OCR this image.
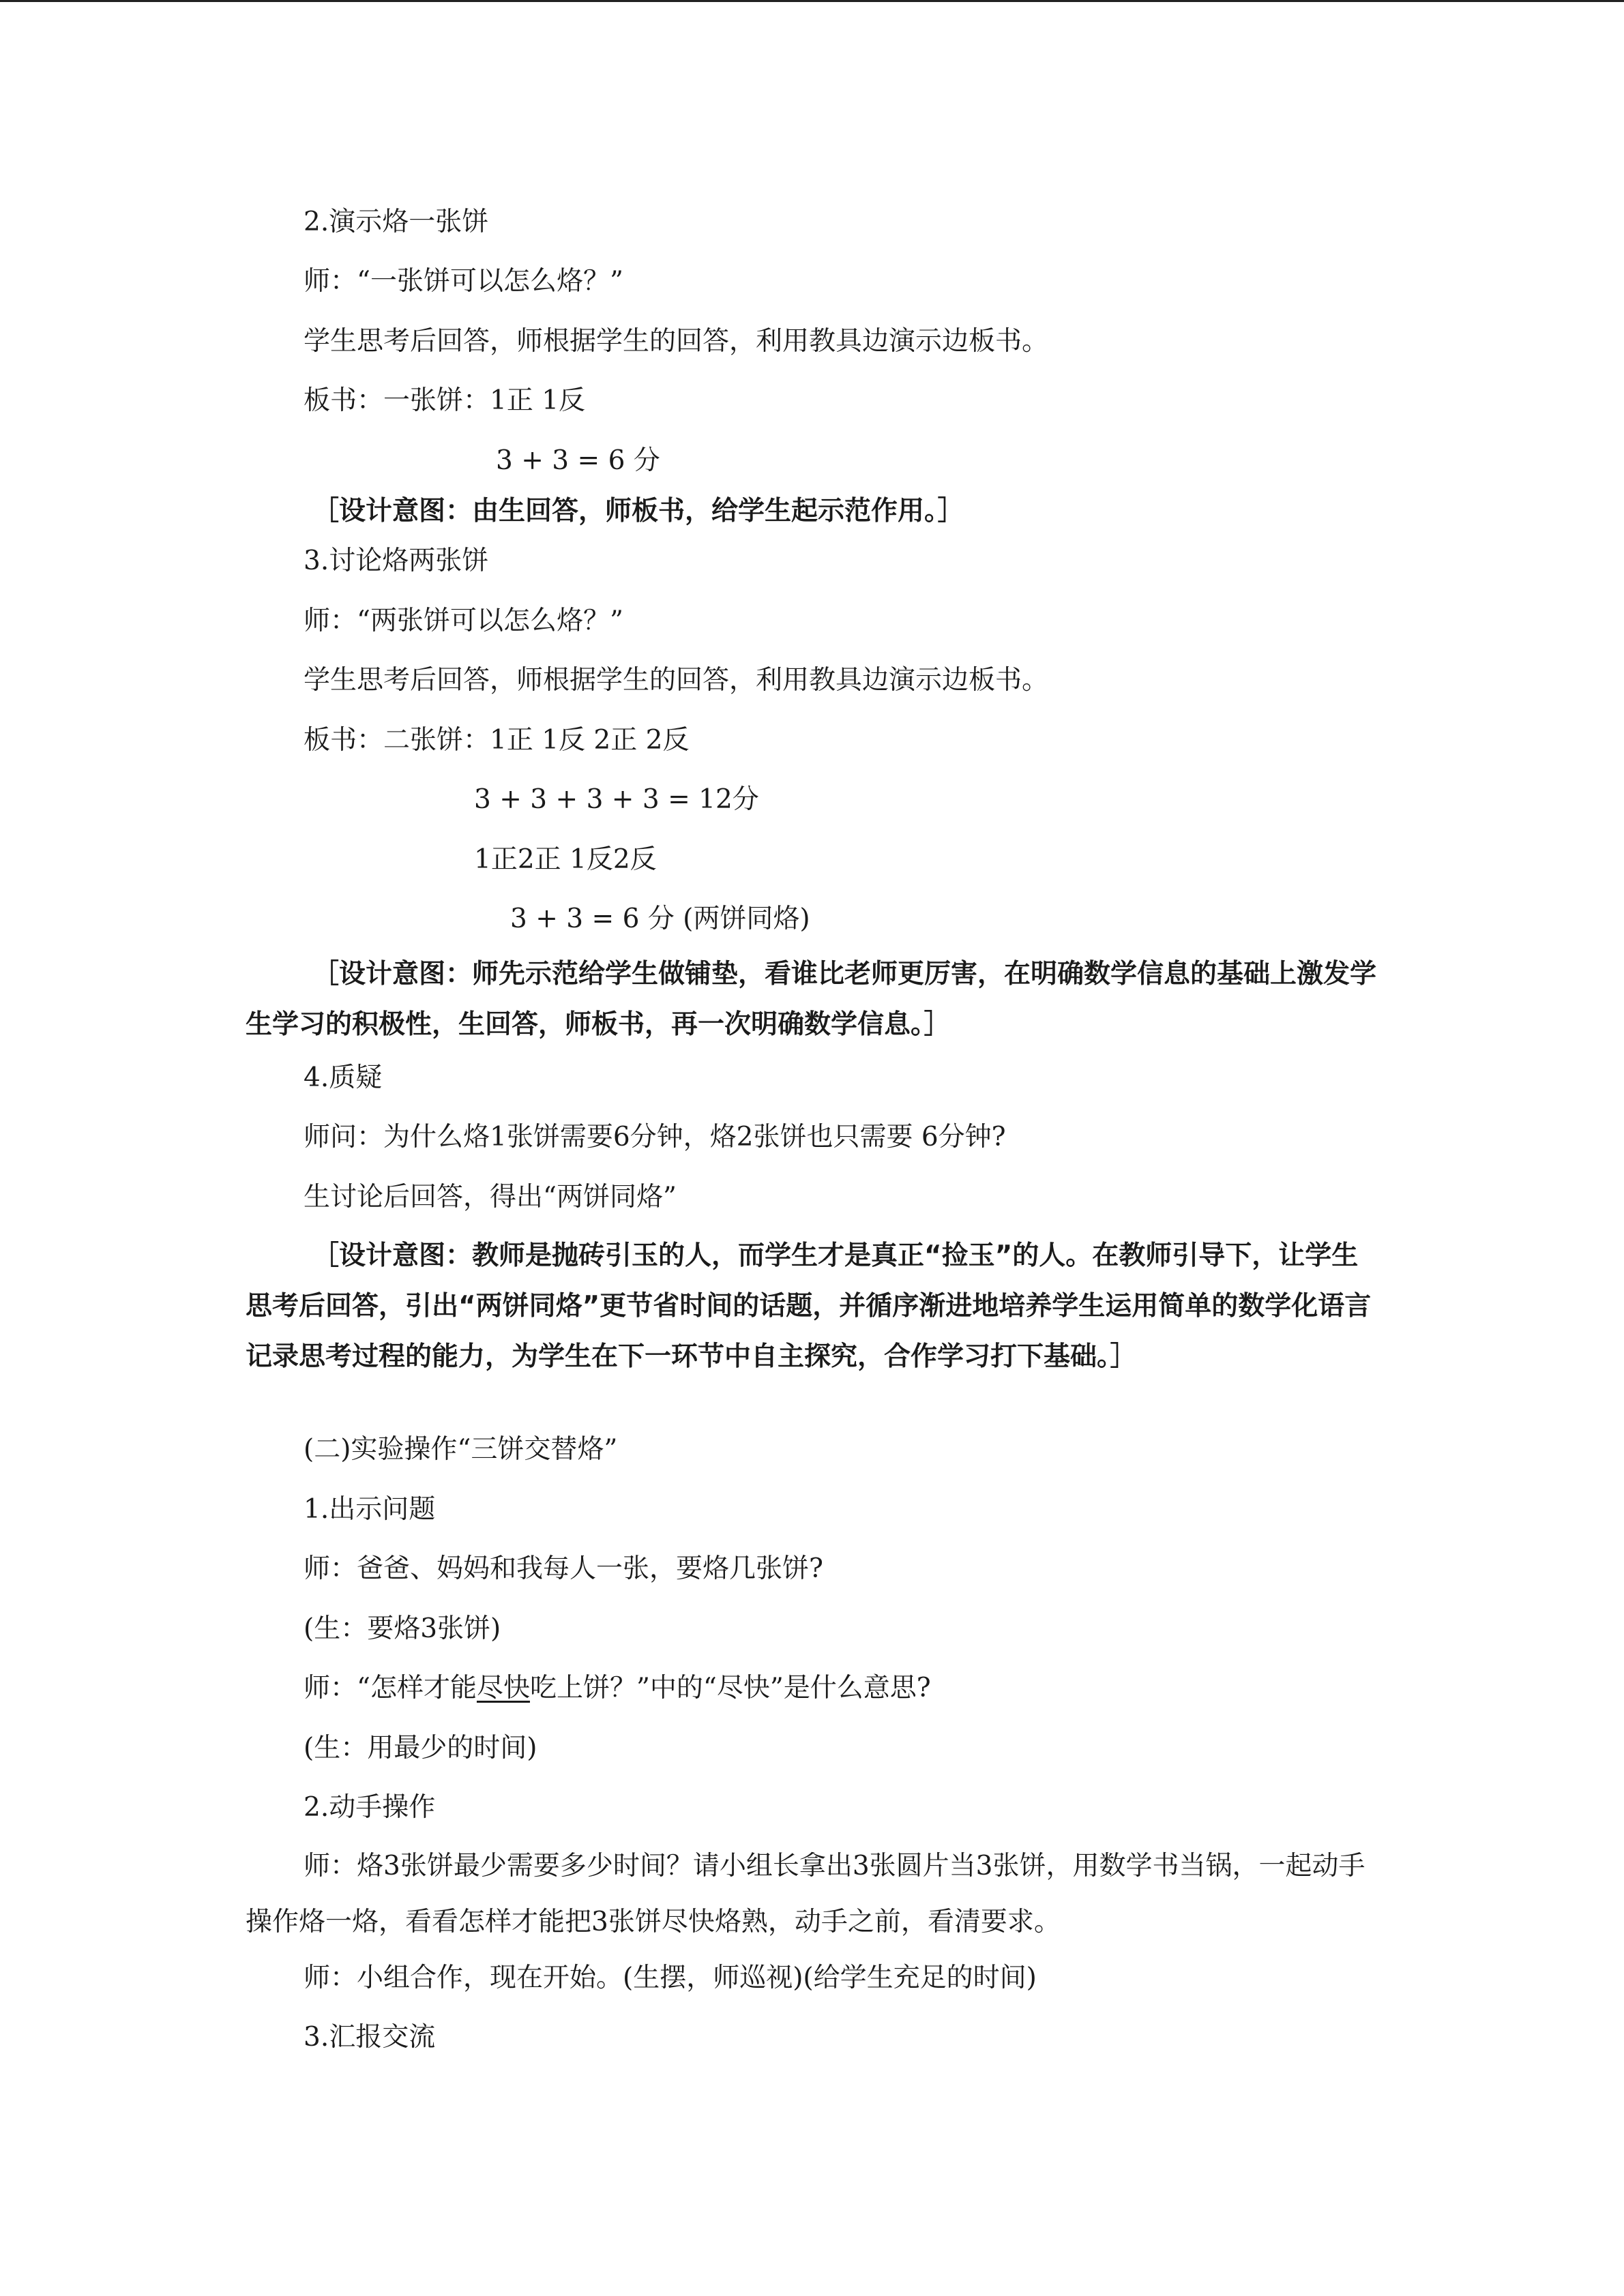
2.演示烙一张饼
师：“一张饼可以怎么烙？”
学生思考后回答，师根据学生的回答，利用教具边演示边板书。
板书：一张饼：1正 1反
3 + 3 = 6 分
［设计意图：由生回答，师板书，给学生起示范作用。］
3.讨论烙两张饼
师：“两张饼可以怎么烙？”
学生思考后回答，师根据学生的回答，利用教具边演示边板书。
板书：二张饼：1正 1反 2正 2反
3 + 3 + 3 + 3 = 12分
1正2正 1反2反
3 + 3 = 6 分 (两饼同烙)
［设计意图：师先示范给学生做铺垫，看谁比老师更厉害，在明确数学信息的基础上激发学生学习的积极性，生回答，师板书，再一次明确数学信息。］
4.质疑
师问：为什么烙1张饼需要6分钟，烙2张饼也只需要 6分钟?
生讨论后回答，得出“两饼同烙”
［设计意图：教师是抛砖引玉的人，而学生才是真正“捡玉”的人。在教师引导下，让学生思考后回答，引出“两饼同烙”更节省时间的话题，并循序渐进地培养学生运用简单的数学化语言记录思考过程的能力，为学生在下一环节中自主探究，合作学习打下基础。］
(二)实验操作“三饼交替烙”
1.出示问题
师：爸爸、妈妈和我每人一张，要烙几张饼?
(生：要烙3张饼)
师：“怎样才能尽快吃上饼？”中的“尽快”是什么意思?
(生：用最少的时间)
2.动手操作
师：烙3张饼最少需要多少时间？请小组长拿出3张圆片当3张饼，用数学书当锅，一起动手操作烙一烙，看看怎样才能把3张饼尽快烙熟，动手之前，看清要求。
师：小组合作，现在开始。(生摆，师巡视)(给学生充足的时间)
3.汇报交流
